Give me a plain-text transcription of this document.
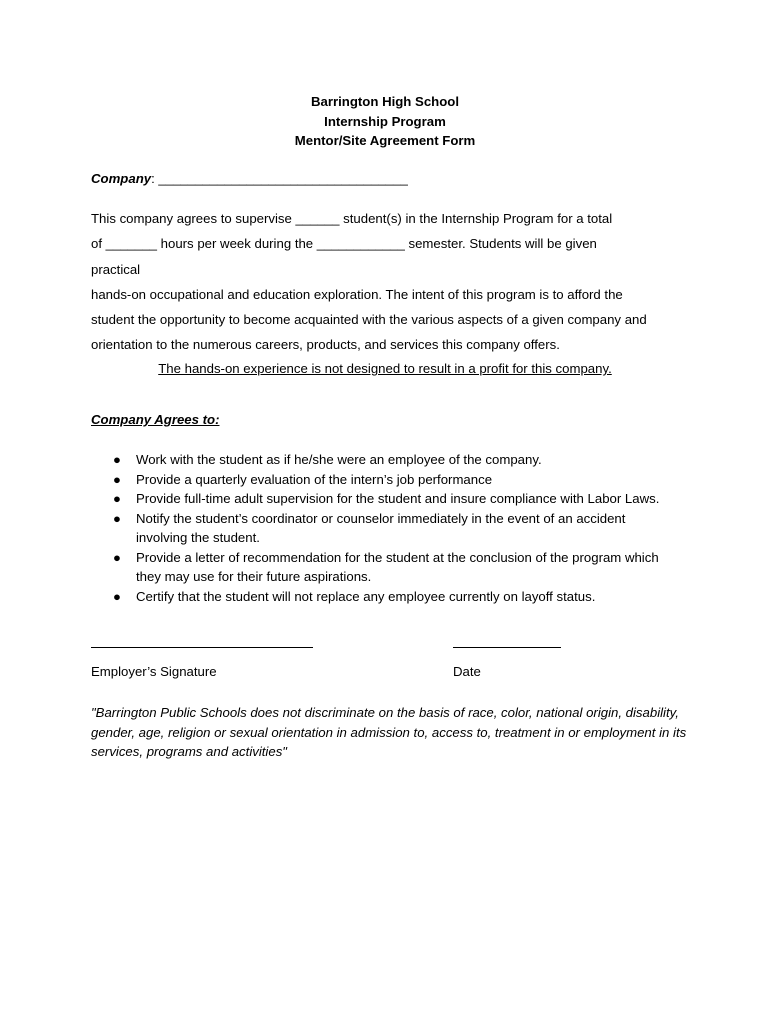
Barrington High School
Internship Program
Mentor/Site Agreement Form
Company: __________________________________
This company agrees to supervise ______ student(s) in the Internship Program for a total
of _______ hours per week during the ____________ semester. Students will be given
practical
hands-on occupational and education exploration. The intent of this program is to afford the
student the opportunity to become acquainted with the various aspects of a given company and
orientation to the numerous careers, products, and services this company offers.
The hands-on experience is not designed to result in a profit for this company.
Company Agrees to:
● Work with the student as if he/she were an employee of the company.
● Provide a quarterly evaluation of the intern’s job performance
● Provide full-time adult supervision for the student and insure compliance with Labor Laws.
● Notify the student’s coordinator or counselor immediately in the event of an accident involving the student.
● Provide a letter of recommendation for the student at the conclusion of the program which they may use for their future aspirations.
● Certify that the student will not replace any employee currently on layoff status.
Employer’s Signature	Date
"Barrington Public Schools does not discriminate on the basis of race, color, national origin, disability, gender, age, religion or sexual orientation in admission to, access to, treatment in or employment in its services, programs and activities"
